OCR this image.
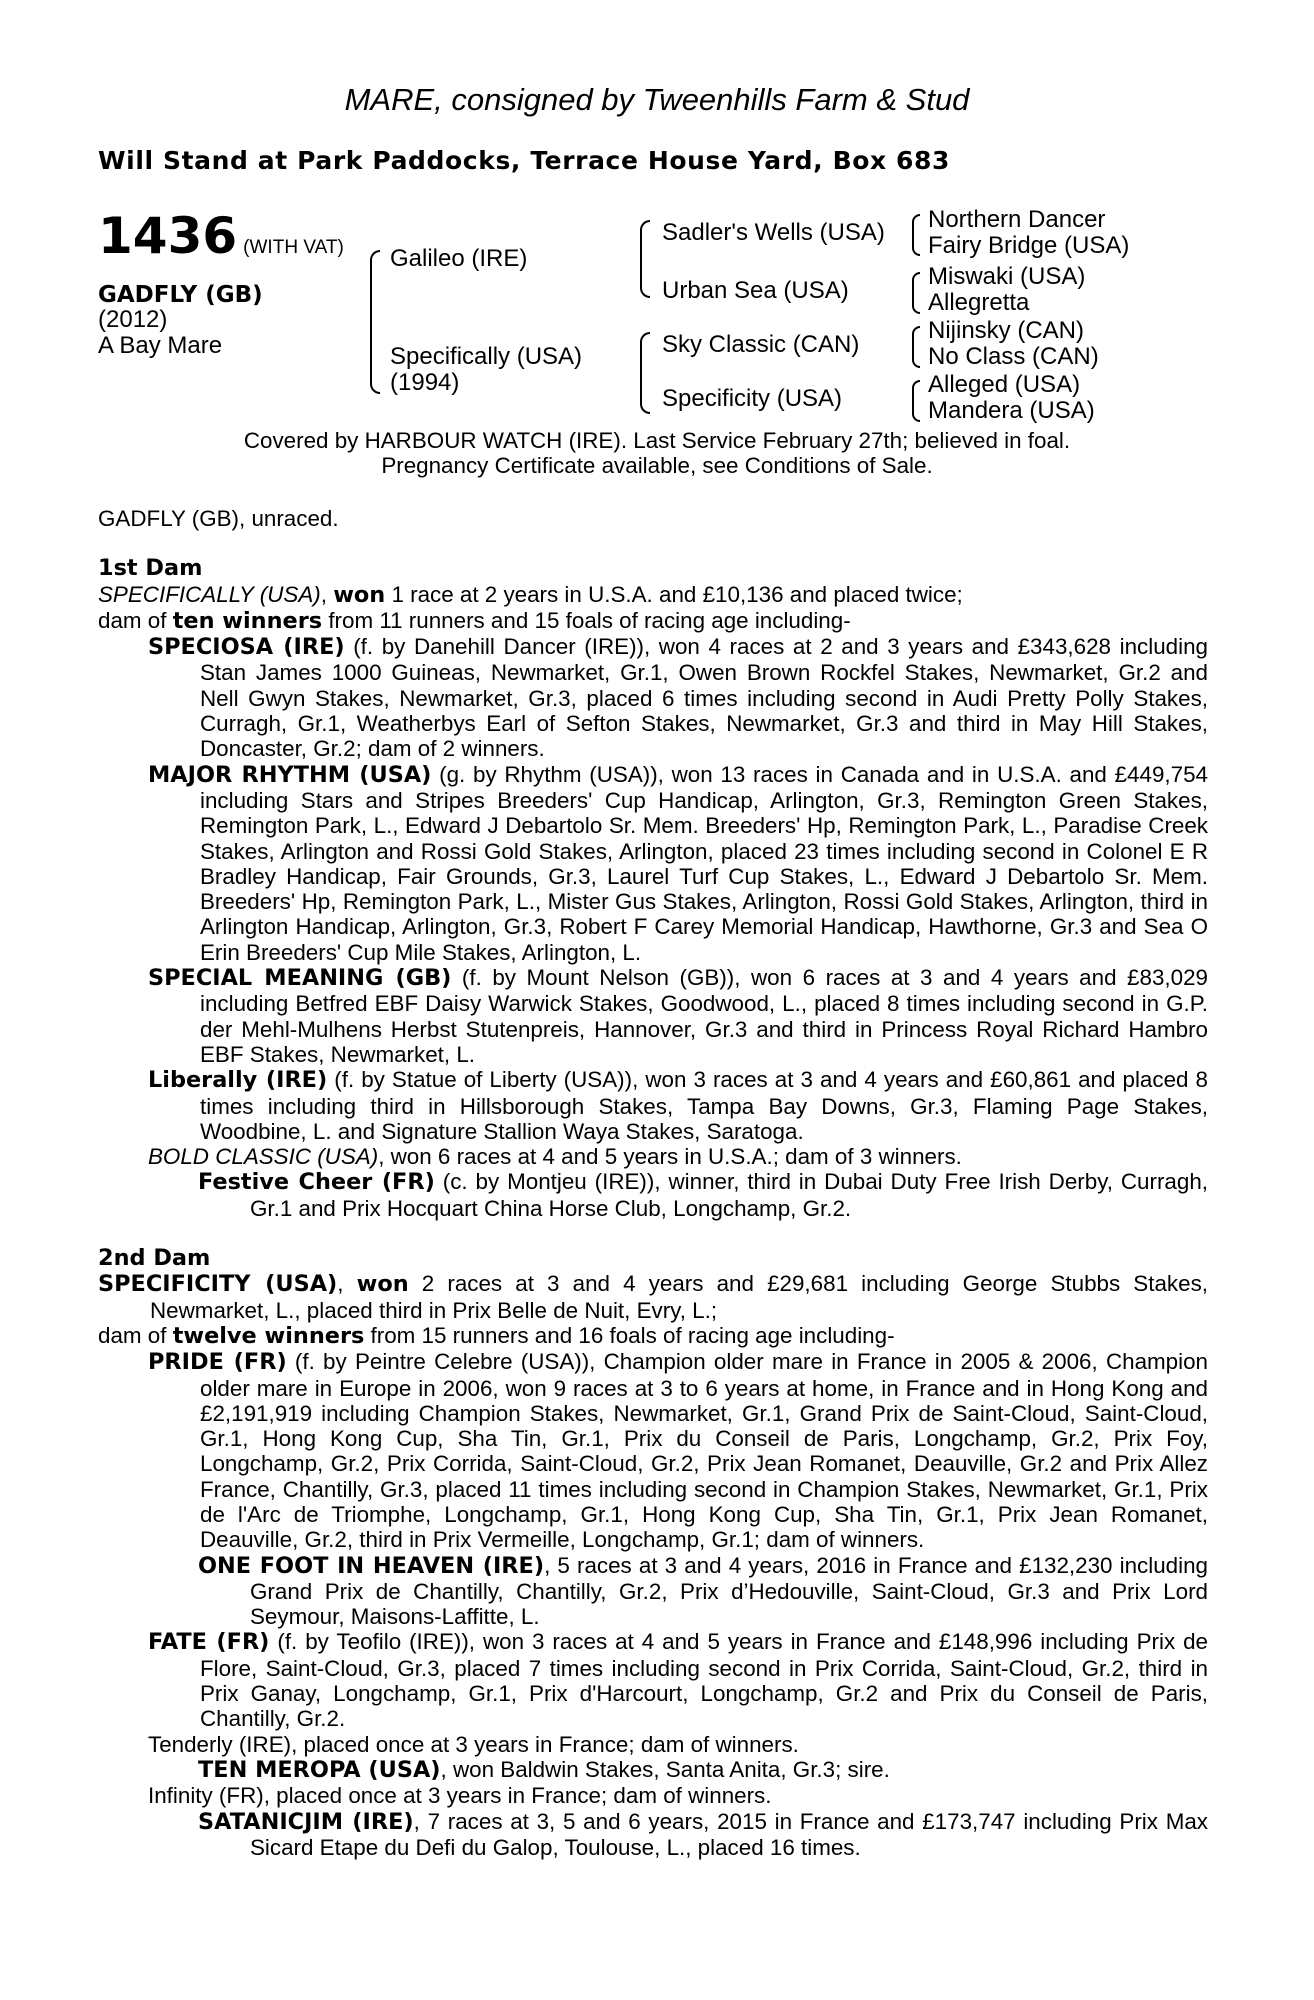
MARE, consigned by Tweenhills Farm & Stud
Will Stand at Park Paddocks, Terrace House Yard, Box 683
1436 (WITH VAT)
GADFLY (GB)
(2012)
A Bay Mare
Galileo (IRE)
Specifically (USA)
(1994)
Sadler's Wells (USA)
Urban Sea (USA)
Sky Classic (CAN)
Specificity (USA)
Northern Dancer
Fairy Bridge (USA)
Miswaki (USA)
Allegretta
Nijinsky (CAN)
No Class (CAN)
Alleged (USA)
Mandera (USA)
Covered by HARBOUR WATCH (IRE). Last Service February 27th; believed in foal.
Pregnancy Certificate available, see Conditions of Sale.

GADFLY (GB), unraced.

1st Dam

SPECIFICALLY (USA), won 1 race at 2 years in U.S.A. and £10,136 and placed twice;

dam of ten winners from 11 runners and 15 foals of racing age including-

SPECIOSA (IRE) (f. by Danehill Dancer (IRE)), won 4 races at 2 and 3 years and £343,628 including Stan James 1000 Guineas, Newmarket, Gr.1, Owen Brown Rockfel Stakes, Newmarket, Gr.2 and Nell Gwyn Stakes, Newmarket, Gr.3, placed 6 times including second in Audi Pretty Polly Stakes, Curragh, Gr.1, Weatherbys Earl of Sefton Stakes, Newmarket, Gr.3 and third in May Hill Stakes, Doncaster, Gr.2; dam of 2 winners.

MAJOR RHYTHM (USA) (g. by Rhythm (USA)), won 13 races in Canada and in U.S.A. and £449,754 including Stars and Stripes Breeders' Cup Handicap, Arlington, Gr.3, Remington Green Stakes, Remington Park, L., Edward J Debartolo Sr. Mem. Breeders' Hp, Remington Park, L., Paradise Creek Stakes, Arlington and Rossi Gold Stakes, Arlington, placed 23 times including second in Colonel E R Bradley Handicap, Fair Grounds, Gr.3, Laurel Turf Cup Stakes, L., Edward J Debartolo Sr. Mem. Breeders' Hp, Remington Park, L., Mister Gus Stakes, Arlington, Rossi Gold Stakes, Arlington, third in Arlington Handicap, Arlington, Gr.3, Robert F Carey Memorial Handicap, Hawthorne, Gr.3 and Sea O Erin Breeders' Cup Mile Stakes, Arlington, L.

SPECIAL MEANING (GB) (f. by Mount Nelson (GB)), won 6 races at 3 and 4 years and £83,029 including Betfred EBF Daisy Warwick Stakes, Goodwood, L., placed 8 times including second in G.P. der Mehl-Mulhens Herbst Stutenpreis, Hannover, Gr.3 and third in Princess Royal Richard Hambro EBF Stakes, Newmarket, L.

Liberally (IRE) (f. by Statue of Liberty (USA)), won 3 races at 3 and 4 years and £60,861 and placed 8 times including third in Hillsborough Stakes, Tampa Bay Downs, Gr.3, Flaming Page Stakes, Woodbine, L. and Signature Stallion Waya Stakes, Saratoga.

BOLD CLASSIC (USA), won 6 races at 4 and 5 years in U.S.A.; dam of 3 winners.

Festive Cheer (FR) (c. by Montjeu (IRE)), winner, third in Dubai Duty Free Irish Derby, Curragh, Gr.1 and Prix Hocquart China Horse Club, Longchamp, Gr.2.

2nd Dam

SPECIFICITY (USA), won 2 races at 3 and 4 years and £29,681 including George Stubbs Stakes, Newmarket, L., placed third in Prix Belle de Nuit, Evry, L.;

dam of twelve winners from 15 runners and 16 foals of racing age including-

PRIDE (FR) (f. by Peintre Celebre (USA)), Champion older mare in France in 2005 & 2006, Champion older mare in Europe in 2006, won 9 races at 3 to 6 years at home, in France and in Hong Kong and £2,191,919 including Champion Stakes, Newmarket, Gr.1, Grand Prix de Saint-Cloud, Saint-Cloud, Gr.1, Hong Kong Cup, Sha Tin, Gr.1, Prix du Conseil de Paris, Longchamp, Gr.2, Prix Foy, Longchamp, Gr.2, Prix Corrida, Saint-Cloud, Gr.2, Prix Jean Romanet, Deauville, Gr.2 and Prix Allez France, Chantilly, Gr.3, placed 11 times including second in Champion Stakes, Newmarket, Gr.1, Prix de l'Arc de Triomphe, Longchamp, Gr.1, Hong Kong Cup, Sha Tin, Gr.1, Prix Jean Romanet, Deauville, Gr.2, third in Prix Vermeille, Longchamp, Gr.1; dam of winners.

ONE FOOT IN HEAVEN (IRE), 5 races at 3 and 4 years, 2016 in France and £132,230 including Grand Prix de Chantilly, Chantilly, Gr.2, Prix d’Hedouville, Saint-Cloud, Gr.3 and Prix Lord Seymour, Maisons-Laffitte, L.

FATE (FR) (f. by Teofilo (IRE)), won 3 races at 4 and 5 years in France and £148,996 including Prix de Flore, Saint-Cloud, Gr.3, placed 7 times including second in Prix Corrida, Saint-Cloud, Gr.2, third in Prix Ganay, Longchamp, Gr.1, Prix d'Harcourt, Longchamp, Gr.2 and Prix du Conseil de Paris, Chantilly, Gr.2.

Tenderly (IRE), placed once at 3 years in France; dam of winners.

TEN MEROPA (USA), won Baldwin Stakes, Santa Anita, Gr.3; sire.

Infinity (FR), placed once at 3 years in France; dam of winners.

SATANICJIM (IRE), 7 races at 3, 5 and 6 years, 2015 in France and £173,747 including Prix Max Sicard Etape du Defi du Galop, Toulouse, L., placed 16 times.
